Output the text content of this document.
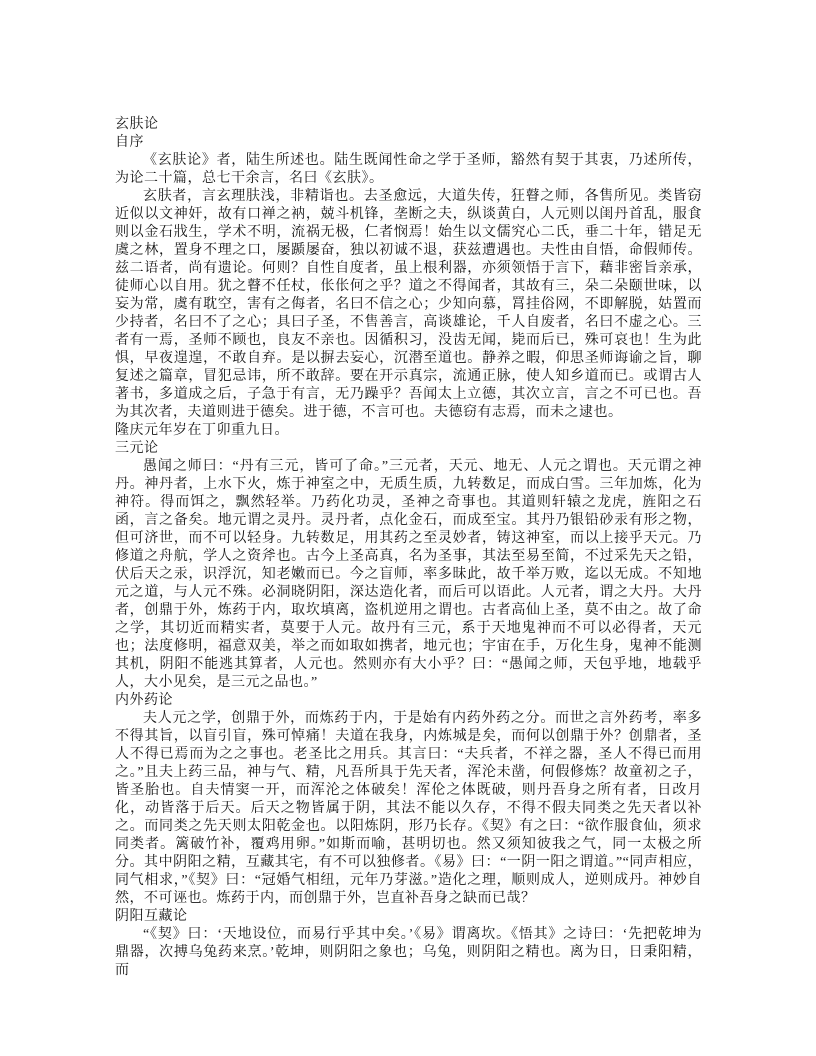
玄肤论

自序

《玄肤论》者，陆生所述也。陆生既闻性命之学于圣师，豁然有契于其衷，乃述所传，为论二十篇，总七干余言，名曰《玄肤》。

玄肤者，言玄理肤浅，非精诣也。去圣愈远，大道失传，狂瞽之师，各售所见。类皆窃近似以文神奸，故有口禅之衲，兢斗机锋，垄断之夫，纵谈黄白，人元则以闺丹首乱，服食则以金石戕生，学术不明，流祸无极，仁者悯焉！始生以文儒究心二氏，垂二十年，错足无虞之林，置身不理之口，屡踬屡奋，独以初诚不退，获兹遭遇也。夫性由自悟，命假师传。兹二语者，尚有遗论。何则？自性自度者，虽上根利器，亦须领悟于言下，藉非密旨亲承，徒师心以自用。犹之瞽不任杖，伥伥何之乎？道之不得闻者，其故有三，朵二朵颐世味，以妄为常，虞有耽空，害有之侮者，名曰不信之心；少知向慕，罥挂俗网，不即解脱，姑置而少持者，名曰不了之心；具曰子圣，不售善言，高谈雄论，千人自废者，名曰不虚之心。三者有一焉，圣师不顾也，良友不亲也。因循积习，没齿无闻，毙而后已，殊可哀也！生为此惧，早夜遑遑，不敢自弃。是以摒去妄心，沉潜至道也。静养之暇，仰思圣师诲谕之旨，聊复述之篇章，冒犯忌讳，所不敢辞。要在开示真宗，流通正脉，使人知乡道而已。或谓古人著书，多道成之后，子急于有言，无乃躁乎？吾闻太上立德，其次立言，言之不可已也。吾为其次者，夫道则进于德矣。进于德，不言可也。夫德窃有志焉，而未之逮也。

隆庆元年岁在丁卯重九日。

三元论

愚闻之师曰：“丹有三元，皆可了命。”三元者，天元、地无、人元之谓也。天元谓之神丹。神丹者，上水下火，炼于神室之中，无质生质，九转数足，而成白雪。三年加炼，化为神符。得而饵之，飘然轻举。乃药化功灵，圣神之奇事也。其道则轩辕之龙虎，旌阳之石函，言之备矣。地元谓之灵丹。灵丹者，点化金石，而成至宝。其丹乃银铅砂汞有形之物，但可济世，而不可以轻身。九转数足，用其药之至灵妙者，铸这神室，而以上接乎天元。乃修道之舟航，学人之资斧也。古今上圣高真，名为圣事，其法至易至简，不过采先天之铅，伏后天之汞，识浮沉，知老嫩而已。今之盲师，率多昧此，故千举万败，迄以无成。不知地元之道，与人元不殊。必洞晓阴阳，深达造化者，而后可以语此。人元者，谓之大丹。大丹者，创鼎于外，炼药于内，取坎填离，盗机逆用之谓也。古者高仙上圣，莫不由之。故了命之学，其切近而精实者，莫要于人元。故丹有三元，系于天地鬼神而不可以必得者，天元也；法度修明，福意双美，举之而如取如携者，地元也；宇宙在手，万化生身，鬼神不能测其机，阴阳不能逃其算者，人元也。然则亦有大小乎？曰：“愚闻之师，天包乎地，地载乎人，大小见矣，是三元之品也。”

内外药论

夫人元之学，创鼎于外，而炼药于内，于是始有内药外药之分。而世之言外药考，率多不得其旨，以盲引盲，殊可悼痛！夫道在我身，内炼城是矣，而何以创鼎于外？创鼎者，圣人不得已焉而为之之事也。老圣比之用兵。其言曰：“夫兵者，不祥之器，圣人不得已而用之。”且夫上药三品，神与气、精，凡吾所具于先天者，浑沦未凿，何假修炼？故童初之子，皆圣胎也。自夫情窦一开，而浑沦之体破矣！浑伦之体既破，则丹吾身之所有者，日改月化，动皆落于后天。后天之物皆属于阴，其法不能以久存，不得不假夫同类之先天者以补之。而同类之先天则太阳乾金也。以阳炼阴，形乃长存。《契》有之曰：“欲作服食仙，须求同类者。篱破竹补，覆鸡用卵。”如斯而喻，甚明切也。然又须知彼我之气，同一太极之所分。其中阴阳之精，互藏其宅，有不可以独修者。《易》曰：“一阴一阳之谓道。”“同声相应，同气相求，”《契》曰：“冠婚气相纽，元年乃芽滋。”造化之理，顺则成人，逆则成丹。神妙自然，不可诬也。炼药于内，而创鼎于外，岂直补吾身之缺而已哉？

阴阳互藏论

“《契》曰：‘天地设位，而易行乎其中矣。’《易》谓离坎。《悟其》之诗曰：‘先把乾坤为鼎器，次搏乌兔药来烹。’乾坤，则阴阳之象也；乌兔，则阴阳之精也。离为日，日秉阳精，而
